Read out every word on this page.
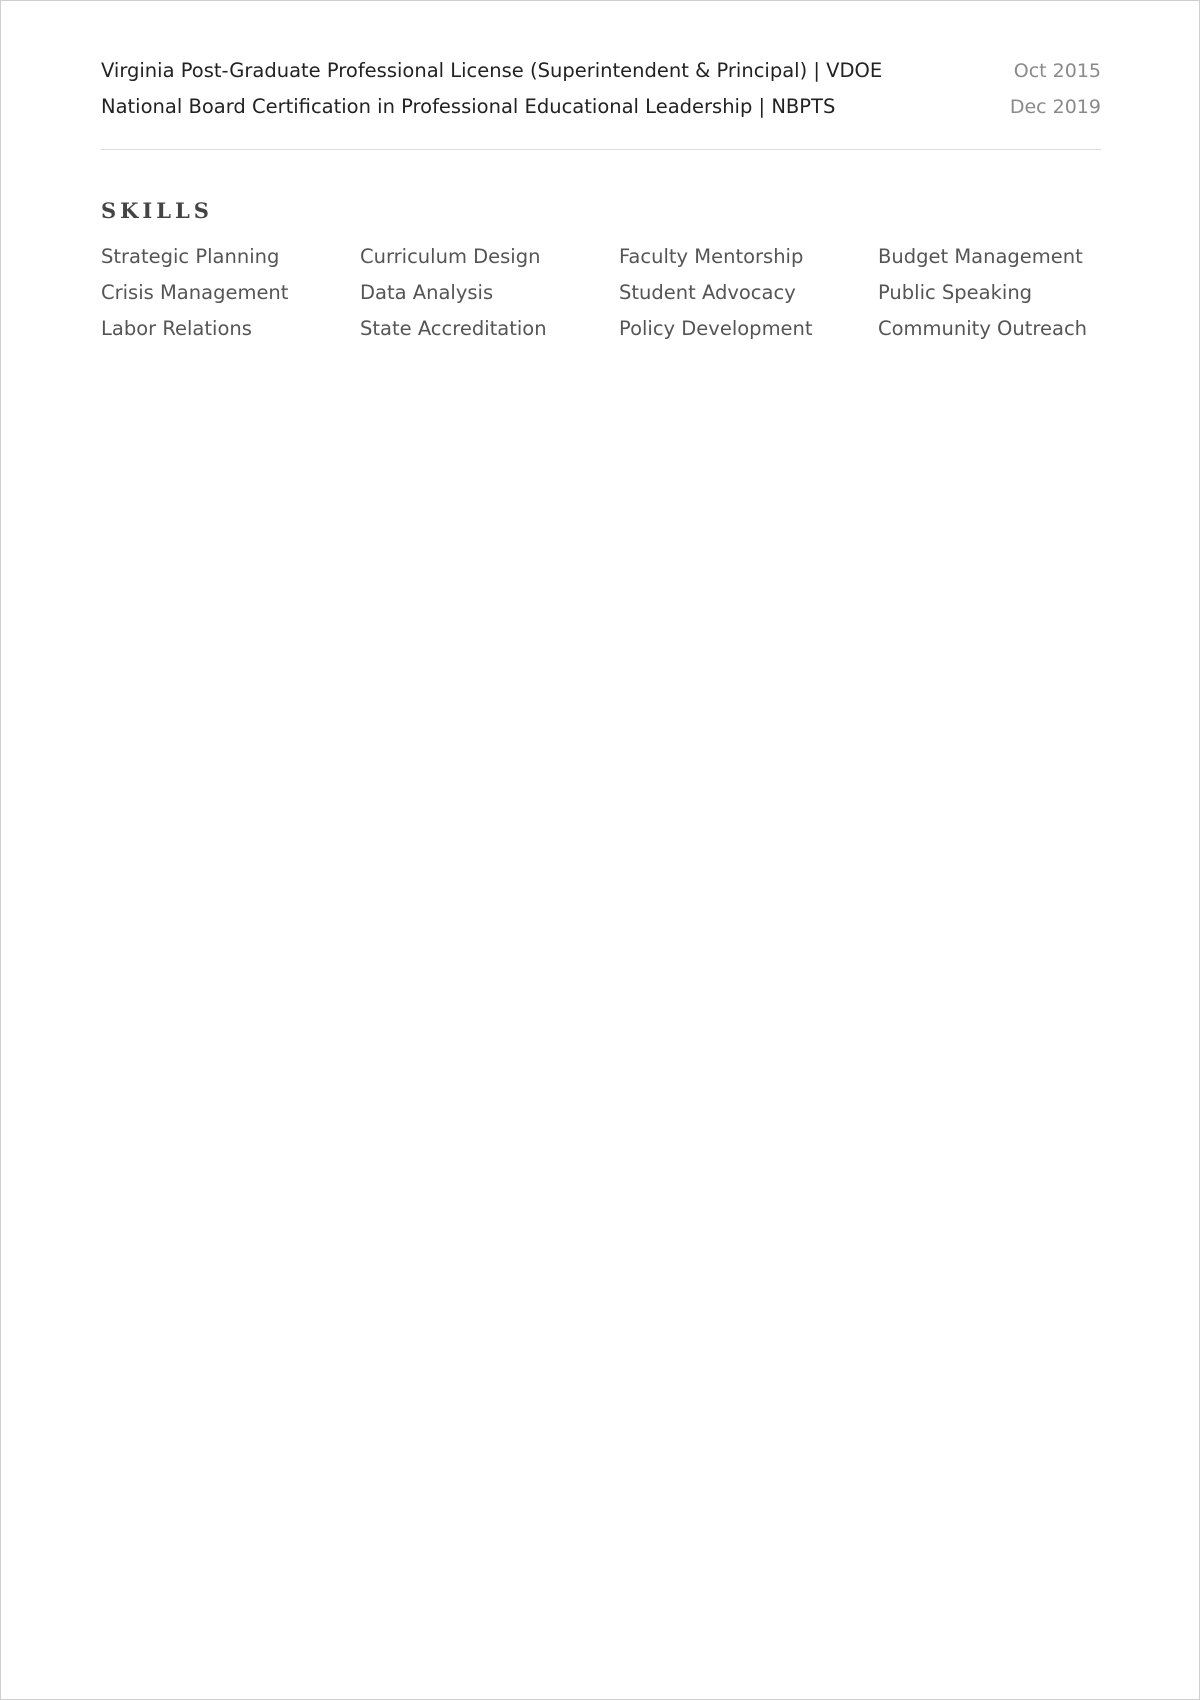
Virginia Post-Graduate Professional License (Superintendent & Principal) | VDOE	Oct 2015
National Board Certification in Professional Educational Leadership | NBPTS	Dec 2019
SKILLS
Strategic Planning	Curriculum Design	Faculty Mentorship	Budget Management
Crisis Management	Data Analysis	Student Advocacy	Public Speaking
Labor Relations	State Accreditation	Policy Development	Community Outreach
